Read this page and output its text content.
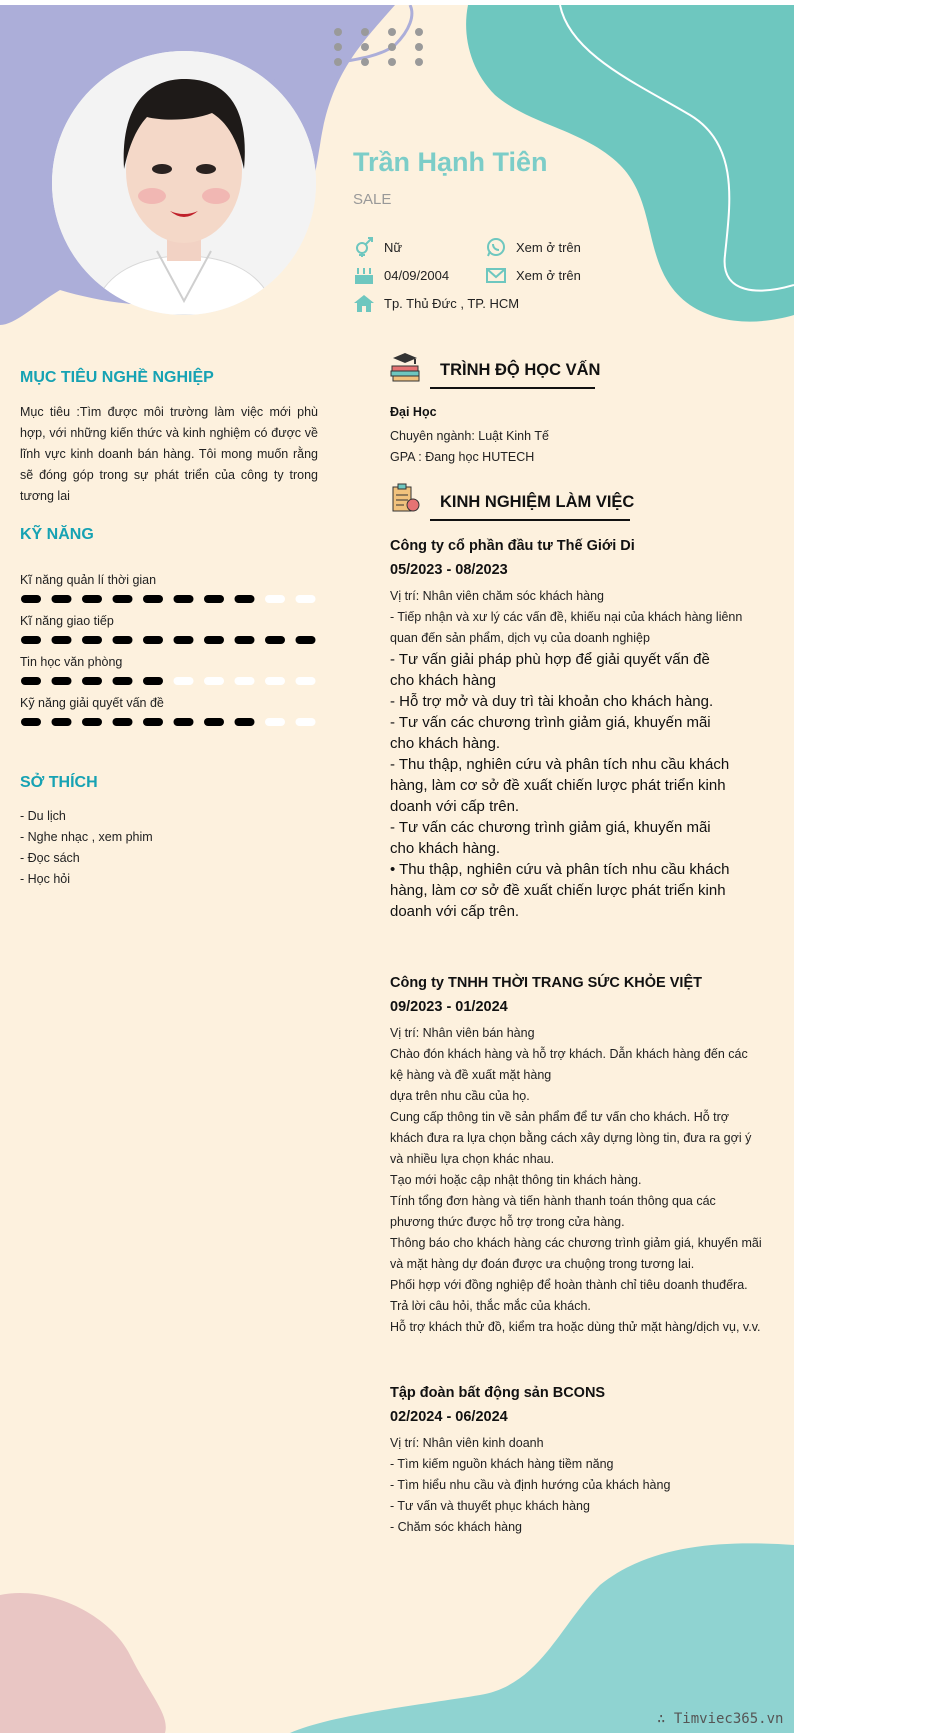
Trần Hạnh Tiên
SALE
Nữ	Xem ở trên
04/09/2004	Xem ở trên
Tp. Thủ Đức , TP. HCM
MỤC TIÊU NGHỀ NGHIỆP
Mục tiêu :Tìm được môi trường làm việc mới phù hợp, với những kiến thức và kinh nghiệm có được về lĩnh vực kinh doanh bán hàng. Tôi mong muốn rằng sẽ đóng góp trong sự phát triển của công ty trong tương lai
KỸ NĂNG
Kĩ năng quản lí thời gian
Kĩ năng giao tiếp
Tin học văn phòng
Kỹ năng giải quyết vấn đề
SỞ THÍCH
- Du lịch
- Nghe nhạc , xem phim
- Đọc sách
- Học hỏi
TRÌNH ĐỘ HỌC VẤN
Đại Học
Chuyên ngành: Luật Kinh Tế
GPA : Đang học HUTECH
KINH NGHIỆM LÀM VIỆC
Công ty cổ phần đầu tư Thế Giới Di
05/2023 - 08/2023
Vị trí: Nhân viên chăm sóc khách hàng
- Tiếp nhận và xư lý các vấn đề, khiếu nại của khách hàng liênn quan đến sản phẩm, dịch vụ của doanh nghiệp
- Tư vấn giải pháp phù hợp để giải quyết vấn đề cho khách hàng
- Hỗ trợ mở và duy trì tài khoản cho khách hàng.
- Tư vấn các chương trình giảm giá, khuyến mãi cho khách hàng.
- Thu thập, nghiên cứu và phân tích nhu cầu khách hàng, làm cơ sở đề xuất chiến lược phát triển kinh doanh với cấp trên.
- Tư vấn các chương trình giảm giá, khuyến mãi cho khách hàng.
• Thu thập, nghiên cứu và phân tích nhu cầu khách hàng, làm cơ sở đề xuất chiến lược phát triển kinh doanh với cấp trên.
Công ty TNHH THỜI TRANG SỨC KHỎE VIỆT
09/2023 - 01/2024
Vị trí: Nhân viên bán hàng
Chào đón khách hàng và hỗ trợ khách. Dẫn khách hàng đến các kệ hàng và đề xuất mặt hàng
dựa trên nhu cầu của họ.
Cung cấp thông tin về sản phẩm để tư vấn cho khách. Hỗ trợ khách đưa ra lựa chọn bằng cách xây dựng lòng tin, đưa ra gợi ý và nhiều lựa chọn khác nhau.
Tạo mới hoặc cập nhật thông tin khách hàng.
Tính tổng đơn hàng và tiến hành thanh toán thông qua các phương thức được hỗ trợ trong cửa hàng.
Thông báo cho khách hàng các chương trình giảm giá, khuyến mãi và mặt hàng dự đoán được ưa chuộng trong tương lai.
Phối hợp với đồng nghiệp để hoàn thành chỉ tiêu doanh thuđếra.
Trả lời câu hỏi, thắc mắc của khách.
Hỗ trợ khách thử đồ, kiểm tra hoặc dùng thử mặt hàng/dịch vụ, v.v.
Tập đoàn bất động sản BCONS
02/2024 - 06/2024
Vị trí: Nhân viên kinh doanh
- Tìm kiếm nguồn khách hàng tiềm năng
- Tìm hiểu nhu cầu và định hướng của khách hàng
- Tư vấn và thuyết phục khách hàng
- Chăm sóc khách hàng
∴ Timviec365.vn
